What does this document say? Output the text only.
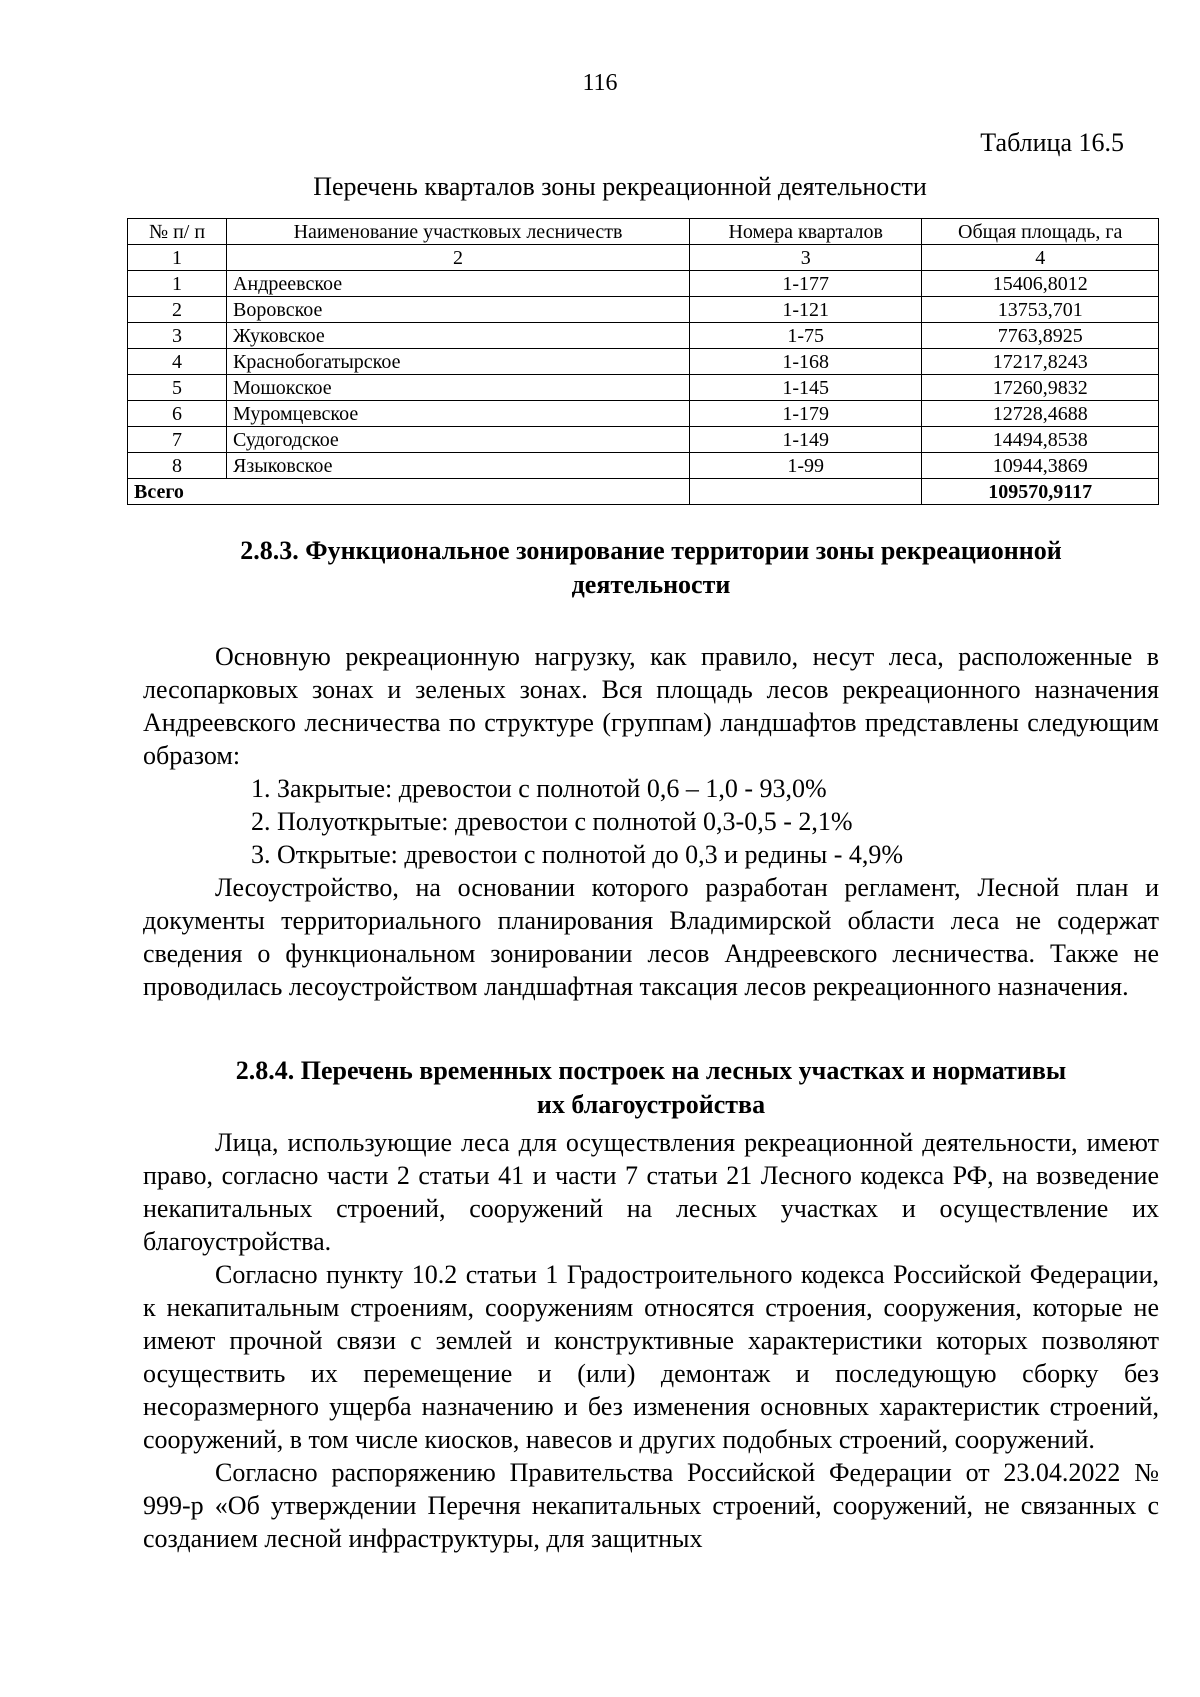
116
Таблица 16.5
Перечень кварталов зоны рекреационной деятельности
№ п/ п	Наименование участковых лесничеств	Номера кварталов	Общая площадь, га
1	2	3	4
1	Андреевское	1-177	15406,8012
2	Воровское	1-121	13753,701
3	Жуковское	1-75	7763,8925
4	Краснобогатырское	1-168	17217,8243
5	Мошокское	1-145	17260,9832
6	Муромцевское	1-179	12728,4688
7	Судогодское	1-149	14494,8538
8	Языковское	1-99	10944,3869
Всего			109570,9117
2.8.3. Функциональное зонирование территории зоны рекреационной
деятельности

Основную рекреационную нагрузку, как правило, несут леса, расположенные в лесопарковых зонах и зеленых зонах. Вся площадь лесов рекреационного назначения Андреевского лесничества по структуре (группам) ландшафтов представлены следующим образом:

1. Закрытые: древостои с полнотой 0,6 – 1,0 - 93,0%

2. Полуоткрытые: древостои с полнотой 0,3-0,5 - 2,1%

3. Открытые: древостои с полнотой до 0,3 и редины - 4,9%

Лесоустройство, на основании которого разработан регламент, Лесной план и документы территориального планирования Владимирской области леса не содержат сведения о функциональном зонировании лесов Андреевского лесничества. Также не проводилась лесоустройством ландшафтная таксация лесов рекреационного назначения.

2.8.4. Перечень временных построек на лесных участках и нормативы
их благоустройства

Лица, использующие леса для осуществления рекреационной деятельности, имеют право, согласно части 2 статьи 41 и части 7 статьи 21 Лесного кодекса РФ, на возведение некапитальных строений, сооружений на лесных участках и осуществление их благоустройства.

Согласно пункту 10.2 статьи 1 Градостроительного кодекса Российской Федерации, к некапитальным строениям, сооружениям относятся строения, сооружения, которые не имеют прочной связи с землей и конструктивные характеристики которых позволяют осуществить их перемещение и (или) демонтаж и последующую сборку без несоразмерного ущерба назначению и без изменения основных характеристик строений, сооружений, в том числе киосков, навесов и других подобных строений, сооружений.

Согласно распоряжению Правительства Российской Федерации от 23.04.2022 № 999-р «Об утверждении Перечня некапитальных строений, сооружений, не связанных с созданием лесной инфраструктуры, для защитных
